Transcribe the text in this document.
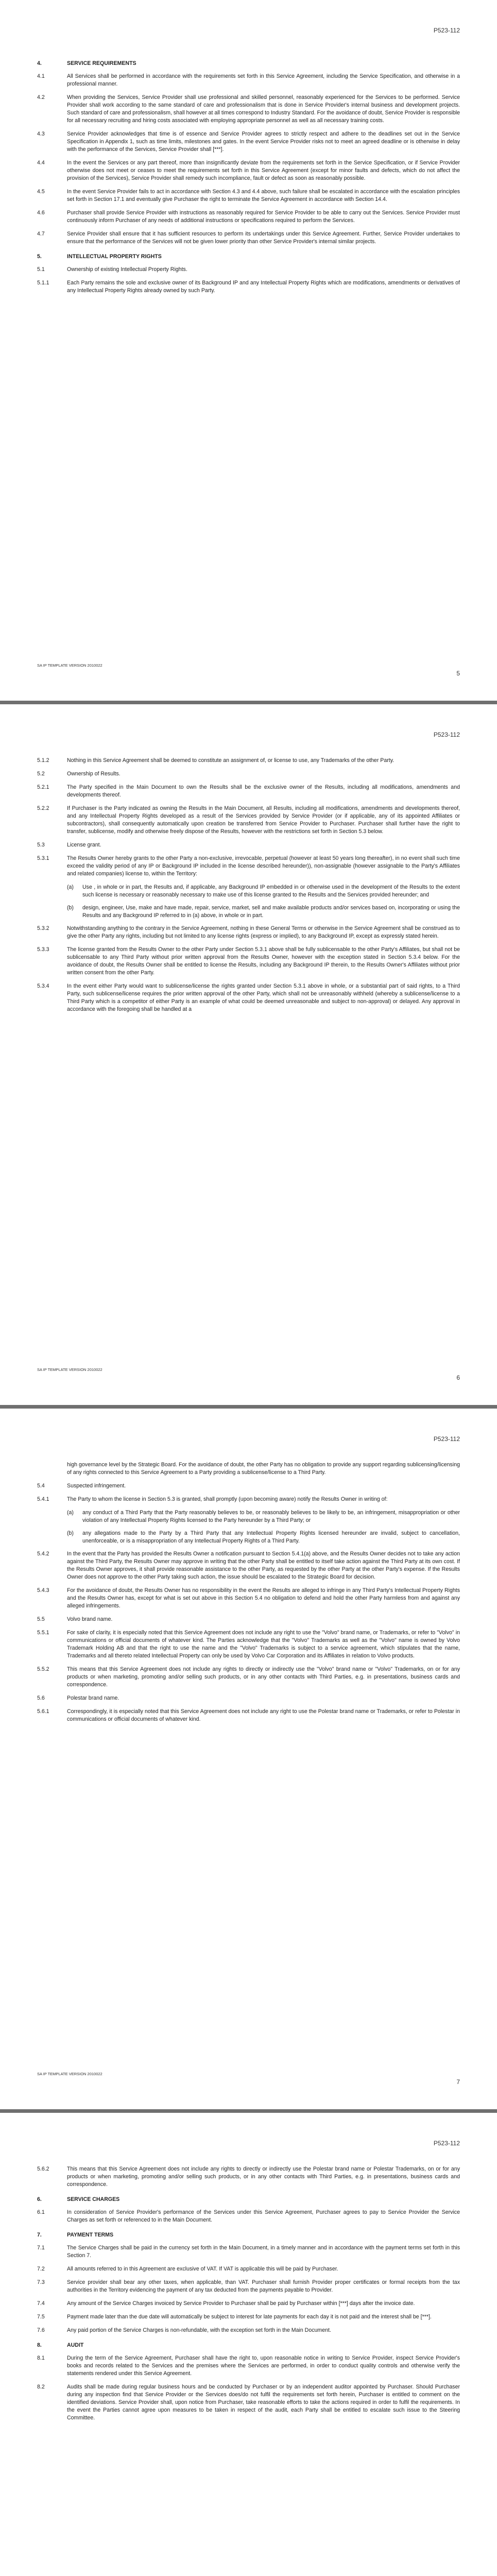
P523-112
4.	SERVICE REQUIREMENTS
4.1	All Services shall be performed in accordance with the requirements set forth in this Service Agreement, including the Service Specification, and otherwise in a professional manner.
4.2	When providing the Services, Service Provider shall use professional and skilled personnel, reasonably experienced for the Services to be performed. Service Provider shall work according to the same standard of care and professionalism that is done in Service Provider's internal business and development projects. Such standard of care and professionalism, shall however at all times correspond to Industry Standard. For the avoidance of doubt, Service Provider is responsible for all necessary recruiting and hiring costs associated with employing appropriate personnel as well as all necessary training costs.
4.3	Service Provider acknowledges that time is of essence and Service Provider agrees to strictly respect and adhere to the deadlines set out in the Service Specification in Appendix 1, such as time limits, milestones and gates. In the event Service Provider risks not to meet an agreed deadline or is otherwise in delay with the performance of the Services, Service Provider shall [***].
4.4	In the event the Services or any part thereof, more than insignificantly deviate from the requirements set forth in the Service Specification, or if Service Provider otherwise does not meet or ceases to meet the requirements set forth in this Service Agreement (except for minor faults and defects, which do not affect the provision of the Services), Service Provider shall remedy such incompliance, fault or defect as soon as reasonably possible.
4.5	In the event Service Provider fails to act in accordance with Section 4.3 and 4.4 above, such failure shall be escalated in accordance with the escalation principles set forth in Section 17.1 and eventually give Purchaser the right to terminate the Service Agreement in accordance with Section 14.4.
4.6	Purchaser shall provide Service Provider with instructions as reasonably required for Service Provider to be able to carry out the Services. Service Provider must continuously inform Purchaser of any needs of additional instructions or specifications required to perform the Services.
4.7	Service Provider shall ensure that it has sufficient resources to perform its undertakings under this Service Agreement. Further, Service Provider undertakes to ensure that the performance of the Services will not be given lower priority than other Service Provider's internal similar projects.
5.	INTELLECTUAL PROPERTY RIGHTS
5.1	Ownership of existing Intellectual Property Rights.
5.1.1	Each Party remains the sole and exclusive owner of its Background IP and any Intellectual Property Rights which are modifications, amendments or derivatives of any Intellectual Property Rights already owned by such Party.
SA IP TEMPLATE VERSION 2010022
5
P523-112
5.1.2	Nothing in this Service Agreement shall be deemed to constitute an assignment of, or license to use, any Trademarks of the other Party.
5.2	Ownership of Results.
5.2.1	The Party specified in the Main Document to own the Results shall be the exclusive owner of the Results, including all modifications, amendments and developments thereof.
5.2.2	If Purchaser is the Party indicated as owning the Results in the Main Document, all Results, including all modifications, amendments and developments thereof, and any Intellectual Property Rights developed as a result of the Services provided by Service Provider (or if applicable, any of its appointed Affiliates or subcontractors), shall consequently automatically upon creation be transferred from Service Provider to Purchaser. Purchaser shall further have the right to transfer, sublicense, modify and otherwise freely dispose of the Results, however with the restrictions set forth in Section 5.3 below.
5.3	License grant.
5.3.1	The Results Owner hereby grants to the other Party a non-exclusive, irrevocable, perpetual (however at least 50 years long thereafter), in no event shall such time exceed the validity period of any IP or Background IP included in the license described hereunder)), non-assignable (however assignable to the Party's Affiliates and related companies) license to, within the Territory:
(a)	Use , in whole or in part, the Results and, if applicable, any Background IP embedded in or otherwise used in the development of the Results to the extent such license is necessary or reasonably necessary to make use of this license granted to the Results and the Services provided hereunder; and
(b)	design, engineer, Use, make and have made, repair, service, market, sell and make available products and/or services based on, incorporating or using the Results and any Background IP referred to in (a) above, in whole or in part.
5.3.2	Notwithstanding anything to the contrary in the Service Agreement, nothing in these General Terms or otherwise in the Service Agreement shall be construed as to give the other Party any rights, including but not limited to any license rights (express or implied), to any Background IP, except as expressly stated herein.
5.3.3	The license granted from the Results Owner to the other Party under Section 5.3.1 above shall be fully sublicensable to the other Party's Affiliates, but shall not be sublicensable to any Third Party without prior written approval from the Results Owner, however with the exception stated in Section 5.3.4 below. For the avoidance of doubt, the Results Owner shall be entitled to license the Results, including any Background IP therein, to the Results Owner's Affiliates without prior written consent from the other Party.
5.3.4	In the event either Party would want to sublicense/license the rights granted under Section 5.3.1 above in whole, or a substantial part of said rights, to a Third Party, such sublicense/license requires the prior written approval of the other Party, which shall not be unreasonably withheld (whereby a sublicense/license to a Third Party which is a competitor of either Party is an example of what could be deemed unreasonable and subject to non-approval) or delayed. Any approval in accordance with the foregoing shall be handled at a
SA IP TEMPLATE VERSION 2010022
6
P523-112
high governance level by the Strategic Board. For the avoidance of doubt, the other Party has no obligation to provide any support regarding sublicensing/licensing of any rights connected to this Service Agreement to a Party providing a sublicense/license to a Third Party.
5.4	Suspected infringement.
5.4.1	The Party to whom the license in Section 5.3 is granted, shall promptly (upon becoming aware) notify the Results Owner in writing of:
(a)	any conduct of a Third Party that the Party reasonably believes to be, or reasonably believes to be likely to be, an infringement, misappropriation or other violation of any Intellectual Property Rights licensed to the Party hereunder by a Third Party; or
(b)	any allegations made to the Party by a Third Party that any Intellectual Property Rights licensed hereunder are invalid, subject to cancellation, unenforceable, or is a misappropriation of any Intellectual Property Rights of a Third Party.
5.4.2	In the event that the Party has provided the Results Owner a notification pursuant to Section 5.4.1(a) above, and the Results Owner decides not to take any action against the Third Party, the Results Owner may approve in writing that the other Party shall be entitled to itself take action against the Third Party at its own cost. If the Results Owner approves, it shall provide reasonable assistance to the other Party, as requested by the other Party at the other Party's expense. If the Results Owner does not approve to the other Party taking such action, the issue should be escalated to the Strategic Board for decision.
5.4.3	For the avoidance of doubt, the Results Owner has no responsibility in the event the Results are alleged to infringe in any Third Party's Intellectual Property Rights and the Results Owner has, except for what is set out above in this Section 5.4 no obligation to defend and hold the other Party harmless from and against any alleged infringements.
5.5	Volvo brand name.
5.5.1	For sake of clarity, it is especially noted that this Service Agreement does not include any right to use the "Volvo" brand name, or Trademarks, or refer to "Volvo" in communications or official documents of whatever kind. The Parties acknowledge that the "Volvo" Trademarks as well as the "Volvo" name is owned by Volvo Trademark Holding AB and that the right to use the name and the "Volvo" Trademarks is subject to a service agreement, which stipulates that the name, Trademarks and all thereto related Intellectual Property can only be used by Volvo Car Corporation and its Affiliates in relation to Volvo products.
5.5.2	This means that this Service Agreement does not include any rights to directly or indirectly use the "Volvo" brand name or "Volvo" Trademarks, on or for any products or when marketing, promoting and/or selling such products, or in any other contacts with Third Parties, e.g. in presentations, business cards and correspondence.
5.6	Polestar brand name.
5.6.1	Correspondingly, it is especially noted that this Service Agreement does not include any right to use the Polestar brand name or Trademarks, or refer to Polestar in communications or official documents of whatever kind.
SA IP TEMPLATE VERSION 2010022
7
P523-112
5.6.2	This means that this Service Agreement does not include any rights to directly or indirectly use the Polestar brand name or Polestar Trademarks, on or for any products or when marketing, promoting and/or selling such products, or in any other contacts with Third Parties, e.g. in presentations, business cards and correspondence.
6.	SERVICE CHARGES
6.1	In consideration of Service Provider's performance of the Services under this Service Agreement, Purchaser agrees to pay to Service Provider the Service Charges as set forth or referenced to in the Main Document.
7.	PAYMENT TERMS
7.1	The Service Charges shall be paid in the currency set forth in the Main Document, in a timely manner and in accordance with the payment terms set forth in this Section 7.
7.2	All amounts referred to in this Agreement are exclusive of VAT. If VAT is applicable this will be paid by Purchaser.
7.3	Service provider shall bear any other taxes, when applicable, than VAT. Purchaser shall furnish Provider proper certificates or formal receipts from the tax authorities in the Territory evidencing the payment of any tax deducted from the payments payable to Provider.
7.4	Any amount of the Service Charges invoiced by Service Provider to Purchaser shall be paid by Purchaser within [***] days after the invoice date.
7.5	Payment made later than the due date will automatically be subject to interest for late payments for each day it is not paid and the interest shall be [***].
7.6	Any paid portion of the Service Charges is non-refundable, with the exception set forth in the Main Document.
8.	AUDIT
8.1	During the term of the Service Agreement, Purchaser shall have the right to, upon reasonable notice in writing to Service Provider, inspect Service Provider's books and records related to the Services and the premises where the Services are performed, in order to conduct quality controls and otherwise verify the statements rendered under this Service Agreement.
8.2	Audits shall be made during regular business hours and be conducted by Purchaser or by an independent auditor appointed by Purchaser. Should Purchaser during any inspection find that Service Provider or the Services does/do not fulfil the requirements set forth herein, Purchaser is entitled to comment on the identified deviations. Service Provider shall, upon notice from Purchaser, take reasonable efforts to take the actions required in order to fulfil the requirements. In the event the Parties cannot agree upon measures to be taken in respect of the audit, each Party shall be entitled to escalate such issue to the Steering Committee.
